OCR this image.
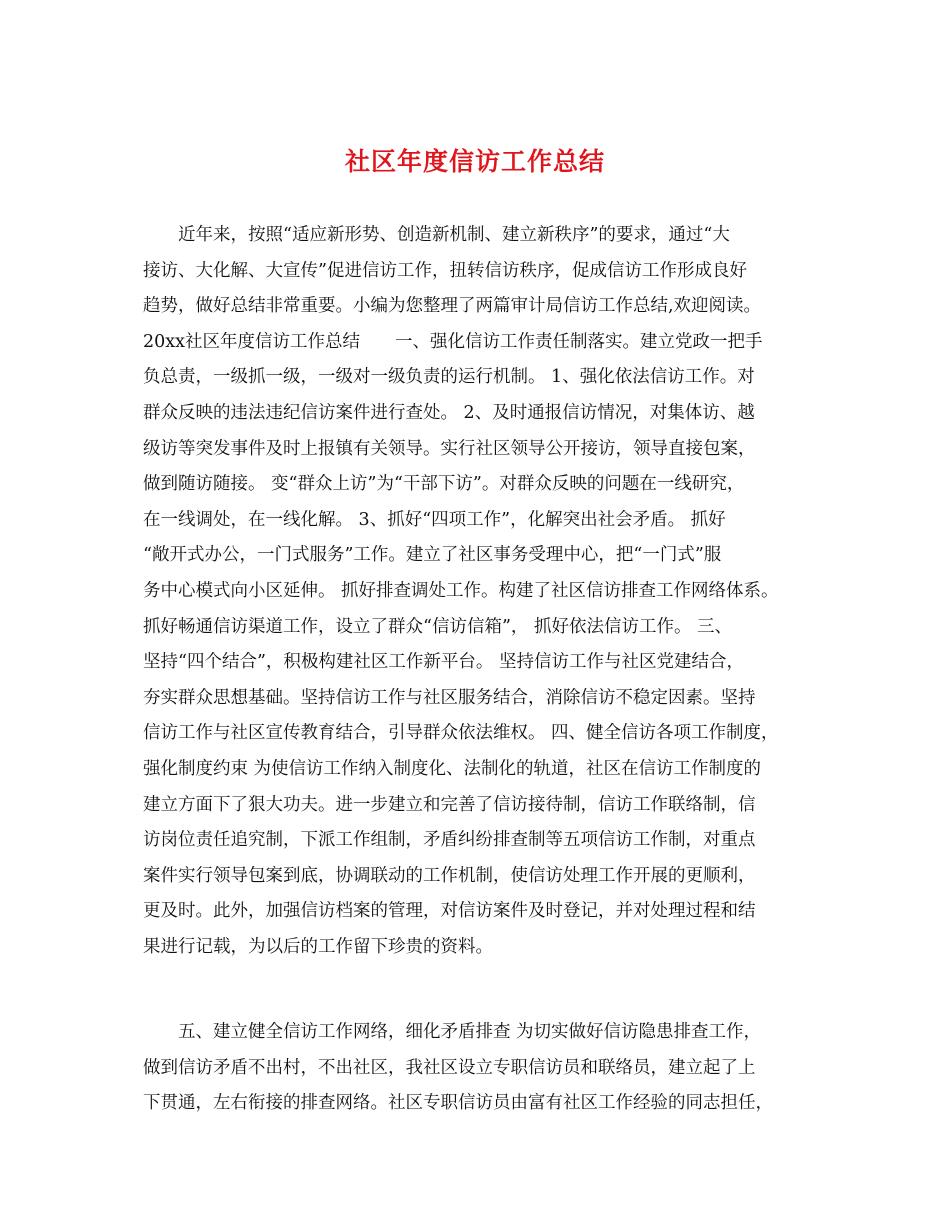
社区年度信访工作总结
近年来，按照“适应新形势、创造新机制、建立新秩序”的要求，通过“大
接访、大化解、大宣传”促进信访工作，扭转信访秩序，促成信访工作形成良好
趋势，做好总结非常重要。小编为您整理了两篇审计局信访工作总结,欢迎阅读。
20xx社区年度信访工作总结　　一、强化信访工作责任制落实。建立党政一把手
负总责，一级抓一级，一级对一级负责的运行机制。 1、强化依法信访工作。对
群众反映的违法违纪信访案件进行查处。 2、及时通报信访情况，对集体访、越
级访等突发事件及时上报镇有关领导。实行社区领导公开接访，领导直接包案，
做到随访随接。 变“群众上访”为“干部下访”。对群众反映的问题在一线研究，
在一线调处，在一线化解。 3、抓好“四项工作”，化解突出社会矛盾。 抓好
“敞开式办公，一门式服务”工作。建立了社区事务受理中心，把“一门式”服
务中心模式向小区延伸。 抓好排查调处工作。构建了社区信访排查工作网络体系。
抓好畅通信访渠道工作，设立了群众“信访信箱”， 抓好依法信访工作。 三、
坚持“四个结合”，积极构建社区工作新平台。 坚持信访工作与社区党建结合，
夯实群众思想基础。坚持信访工作与社区服务结合，消除信访不稳定因素。坚持
信访工作与社区宣传教育结合，引导群众依法维权。 四、健全信访各项工作制度，
强化制度约束 为使信访工作纳入制度化、法制化的轨道，社区在信访工作制度的
建立方面下了狠大功夫。进一步建立和完善了信访接待制，信访工作联络制，信
访岗位责任追究制，下派工作组制，矛盾纠纷排查制等五项信访工作制，对重点
案件实行领导包案到底，协调联动的工作机制，使信访处理工作开展的更顺利，
更及时。此外，加强信访档案的管理，对信访案件及时登记，并对处理过程和结
果进行记载，为以后的工作留下珍贵的资料。
五、建立健全信访工作网络，细化矛盾排查 为切实做好信访隐患排查工作，
做到信访矛盾不出村，不出社区，我社区设立专职信访员和联络员，建立起了上
下贯通，左右衔接的排查网络。社区专职信访员由富有社区工作经验的同志担任，
